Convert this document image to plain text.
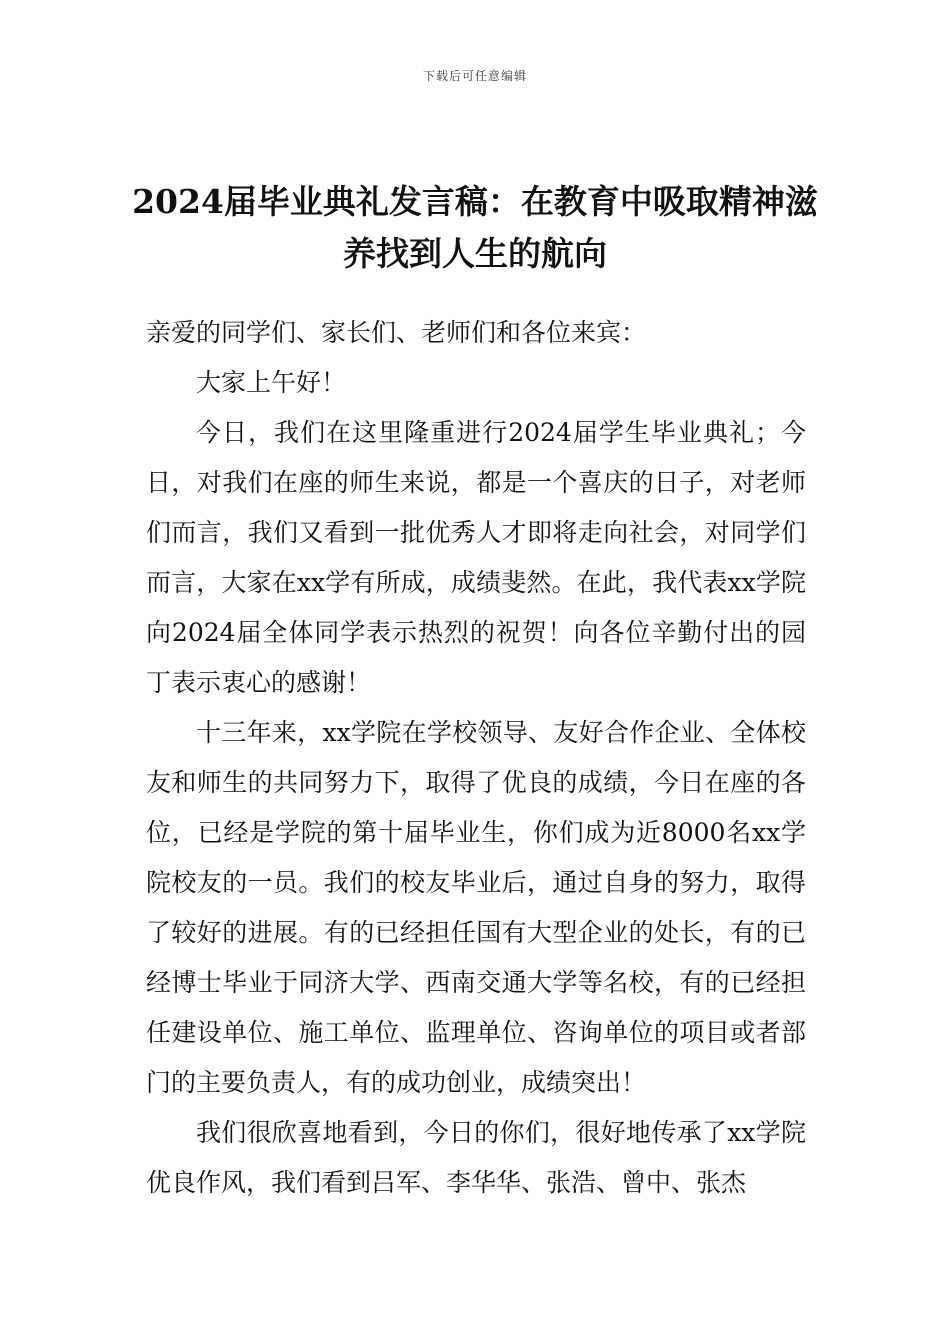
下载后可任意编辑
2024届毕业典礼发言稿：在教育中吸取精神滋养找到人生的航向

亲爱的同学们、家长们、老师们和各位来宾：

大家上午好！

今日，我们在这里隆重进行2024届学生毕业典礼；今日，对我们在座的师生来说，都是一个喜庆的日子，对老师们而言，我们又看到一批优秀人才即将走向社会，对同学们而言，大家在xx学有所成，成绩斐然。在此，我代表xx学院向2024届全体同学表示热烈的祝贺！向各位辛勤付出的园丁表示衷心的感谢！

十三年来，xx学院在学校领导、友好合作企业、全体校友和师生的共同努力下，取得了优良的成绩，今日在座的各位，已经是学院的第十届毕业生，你们成为近8000名xx学院校友的一员。我们的校友毕业后，通过自身的努力，取得了较好的进展。有的已经担任国有大型企业的处长，有的已经博士毕业于同济大学、西南交通大学等名校，有的已经担任建设单位、施工单位、监理单位、咨询单位的项目或者部门的主要负责人，有的成功创业，成绩突出！

我们很欣喜地看到，今日的你们，很好地传承了xx学院优良作风，我们看到吕军、李华华、张浩、曾中、张杰
